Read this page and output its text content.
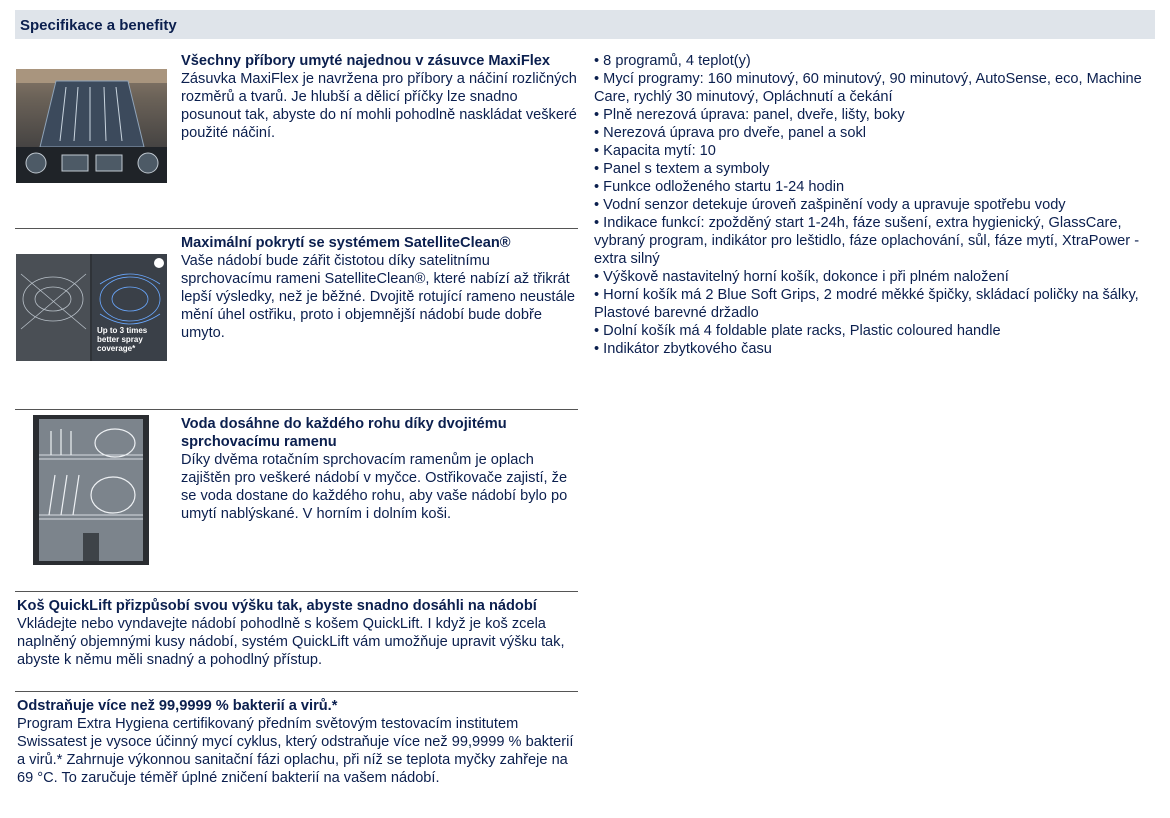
Specifikace a benefity
Všechny příbory umyté najednou v zásuvce MaxiFlex
Zásuvka MaxiFlex je navržena pro příbory a náčiní rozličných rozměrů a tvarů. Je hlubší a dělicí příčky lze snadno posunout tak, abyste do ní mohli pohodlně naskládat veškeré použité náčiní.
Up to 3 times better spray coverage*
Maximální pokrytí se systémem SatelliteClean®
Vaše nádobí bude zářit čistotou díky satelitnímu sprchovacímu rameni SatelliteClean®, které nabízí až třikrát lepší výsledky, než je běžné. Dvojitě rotující rameno neustále mění úhel ostřiku, proto i objemnější nádobí bude dobře umyto.
Voda dosáhne do každého rohu díky dvojitému sprchovacímu ramenu
Díky dvěma rotačním sprchovacím ramenům je oplach zajištěn pro veškeré nádobí v myčce. Ostřikovače zajistí, že se voda dostane do každého rohu, aby vaše nádobí bylo po umytí nablýskané. V horním i dolním koši.
Koš QuickLift přizpůsobí svou výšku tak, abyste snadno dosáhli na nádobí
Vkládejte nebo vyndavejte nádobí pohodlně s košem QuickLift. I když je koš zcela naplněný objemnými kusy nádobí, systém QuickLift vám umožňuje upravit výšku tak, abyste k němu měli snadný a pohodlný přístup.
Odstraňuje více než 99,9999 % bakterií a virů.*
Program Extra Hygiena certifikovaný předním světovým testovacím institutem Swissatest je vysoce účinný mycí cyklus, který odstraňuje více než 99,9999 % bakterií a virů.* Zahrnuje výkonnou sanitační fázi oplachu, při níž se teplota myčky zahřeje na 69 °C. To zaručuje téměř úplné zničení bakterií na vašem nádobí.
• 8 programů, 4 teplot(y)
• Mycí programy: 160 minutový, 60 minutový, 90 minutový, AutoSense, eco, Machine Care, rychlý 30 minutový, Opláchnutí a čekání
• Plně nerezová úprava: panel, dveře, lišty, boky
• Nerezová úprava pro dveře, panel a sokl
• Kapacita mytí: 10
• Panel s textem a symboly
• Funkce odloženého startu 1-24 hodin
• Vodní senzor detekuje úroveň zašpinění vody a upravuje spotřebu vody
• Indikace funkcí: zpožděný start 1-24h, fáze sušení, extra hygienický, GlassCare, vybraný program, indikátor pro leštidlo, fáze oplachování, sůl, fáze mytí, XtraPower - extra silný
• Výškově nastavitelný horní košík, dokonce i při plném naložení
• Horní košík má 2 Blue Soft Grips, 2 modré měkké špičky, skládací poličky na šálky, Plastové barevné držadlo
• Dolní košík má 4 foldable plate racks, Plastic coloured handle
• Indikátor zbytkového času
